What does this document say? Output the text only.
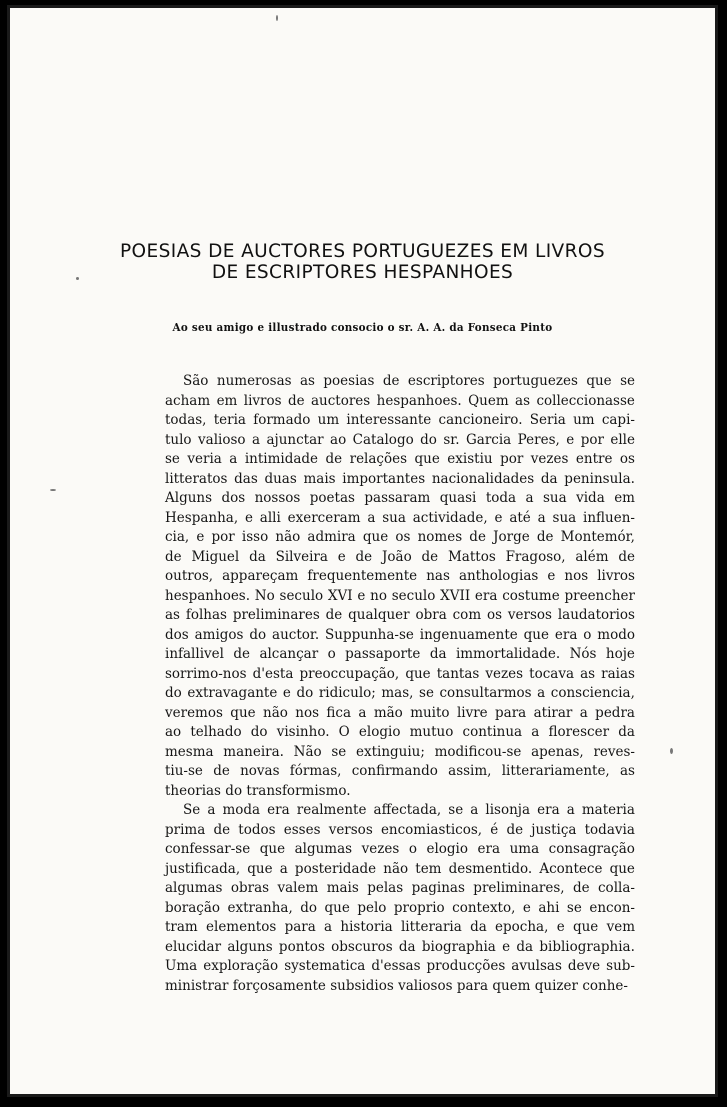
POESIAS DE AUCTORES PORTUGUEZES EM LIVROS
DE ESCRIPTORES HESPANHOES
Ao seu amigo e illustrado consocio o sr. A. A. da Fonseca Pinto
São numerosas as poesias de escriptores portuguezes que se
acham em livros de auctores hespanhoes. Quem as colleccionasse
todas, teria formado um interessante cancioneiro. Seria um capi-
tulo valioso a ajunctar ao Catalogo do sr. Garcia Peres, e por elle
se veria a intimidade de relações que existiu por vezes entre os
litteratos das duas mais importantes nacionalidades da peninsula.
Alguns dos nossos poetas passaram quasi toda a sua vida em
Hespanha, e alli exerceram a sua actividade, e até a sua influen-
cia, e por isso não admira que os nomes de Jorge de Montemór,
de Miguel da Silveira e de João de Mattos Fragoso, além de
outros, appareçam frequentemente nas anthologias e nos livros
hespanhoes. No seculo XVI e no seculo XVII era costume preencher
as folhas preliminares de qualquer obra com os versos laudatorios
dos amigos do auctor. Suppunha-se ingenuamente que era o modo
infallivel de alcançar o passaporte da immortalidade. Nós hoje
sorrimo-nos d'esta preoccupação, que tantas vezes tocava as raias
do extravagante e do ridiculo; mas, se consultarmos a consciencia,
veremos que não nos fica a mão muito livre para atirar a pedra
ao telhado do visinho. O elogio mutuo continua a florescer da
mesma maneira. Não se extinguiu; modificou-se apenas, reves-
tiu-se de novas fórmas, confirmando assim, litterariamente, as
theorias do transformismo.
Se a moda era realmente affectada, se a lisonja era a materia
prima de todos esses versos encomiasticos, é de justiça todavia
confessar-se que algumas vezes o elogio era uma consagração
justificada, que a posteridade não tem desmentido. Acontece que
algumas obras valem mais pelas paginas preliminares, de colla-
boração extranha, do que pelo proprio contexto, e ahi se encon-
tram elementos para a historia litteraria da epocha, e que vem
elucidar alguns pontos obscuros da biographia e da bibliographia.
Uma exploração systematica d'essas producções avulsas deve sub-
ministrar forçosamente subsidios valiosos para quem quizer conhe-
